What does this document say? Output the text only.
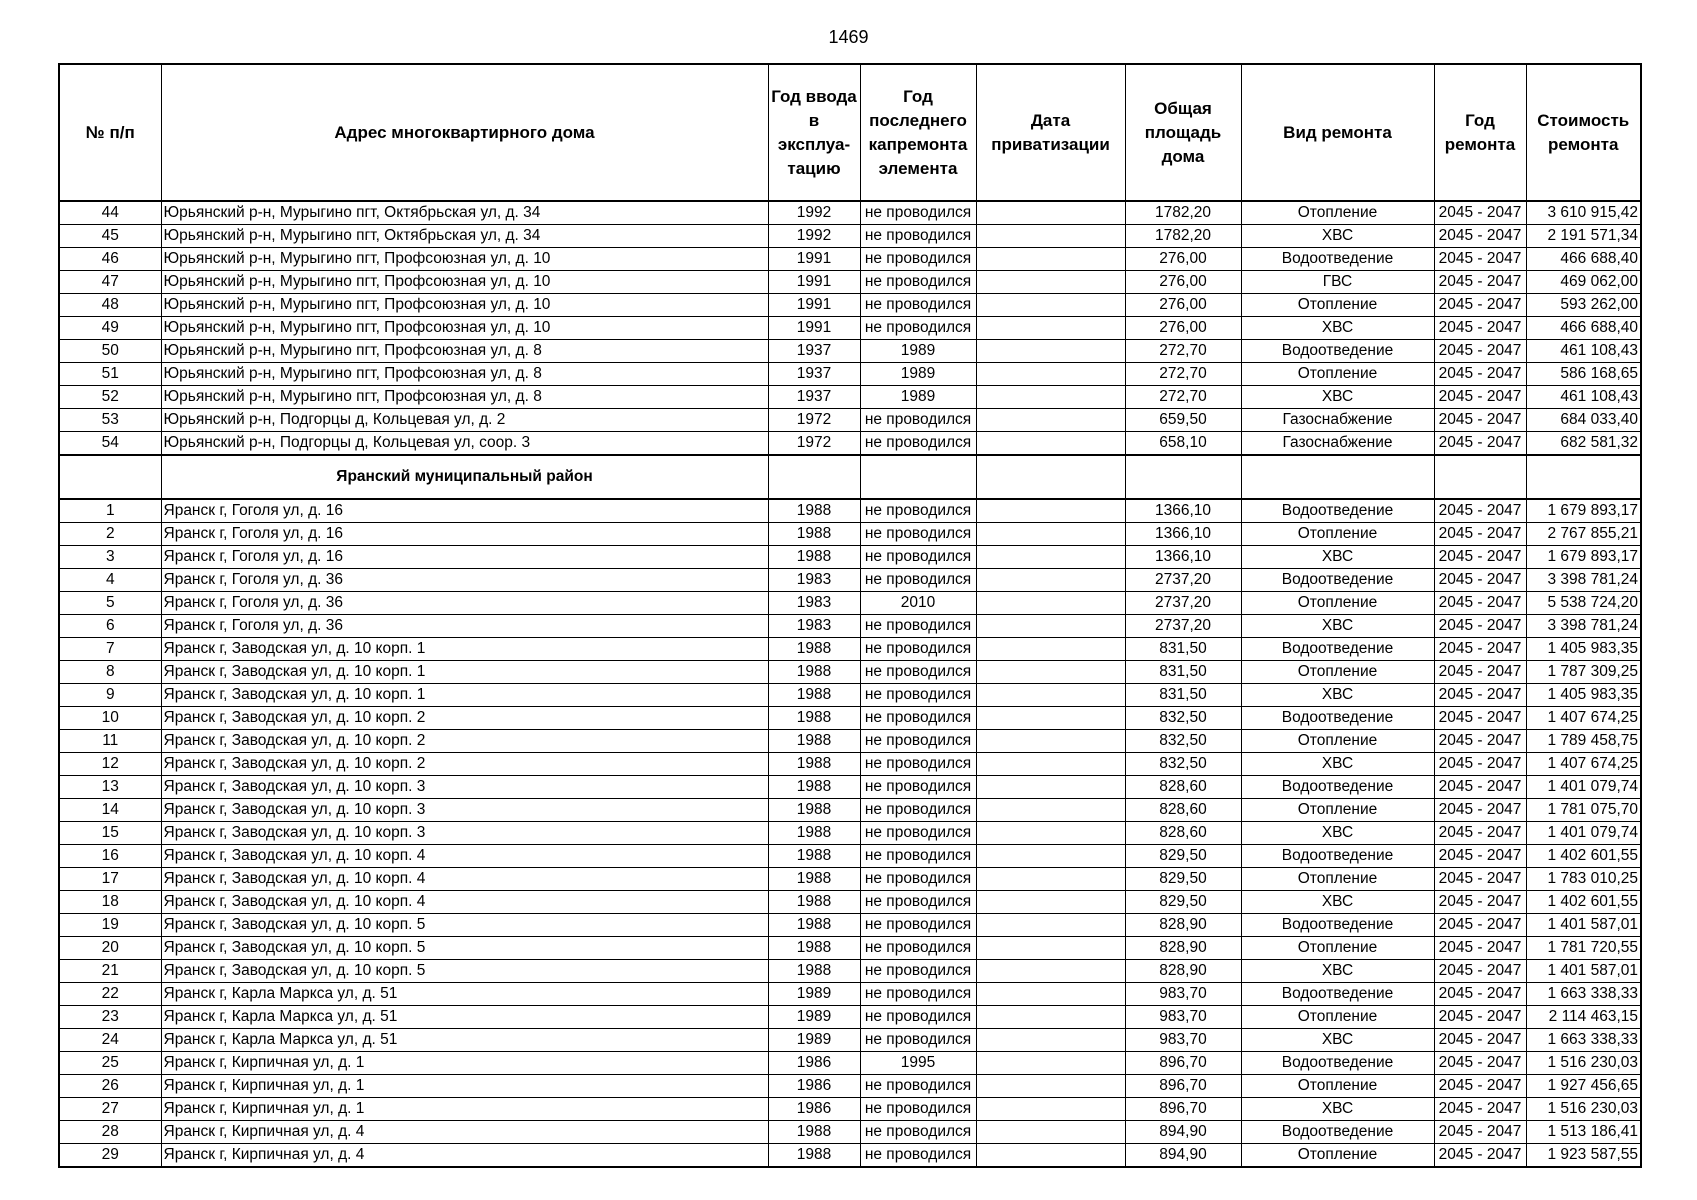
1469
№ п/п	Адрес многоквартирного дома	Год ввода в эксплуа-тацию	Год последнего капремонта элемента	Дата приватизации	Общая площадь дома	Вид ремонта	Год ремонта	Стоимость ремонта
44	Юрьянский р-н, Мурыгино пгт, Октябрьская ул, д. 34	1992	не проводился		1782,20	Отопление	2045 - 2047	3 610 915,42
45	Юрьянский р-н, Мурыгино пгт, Октябрьская ул, д. 34	1992	не проводился		1782,20	ХВС	2045 - 2047	2 191 571,34
46	Юрьянский р-н, Мурыгино пгт, Профсоюзная ул, д. 10	1991	не проводился		276,00	Водоотведение	2045 - 2047	466 688,40
47	Юрьянский р-н, Мурыгино пгт, Профсоюзная ул, д. 10	1991	не проводился		276,00	ГВС	2045 - 2047	469 062,00
48	Юрьянский р-н, Мурыгино пгт, Профсоюзная ул, д. 10	1991	не проводился		276,00	Отопление	2045 - 2047	593 262,00
49	Юрьянский р-н, Мурыгино пгт, Профсоюзная ул, д. 10	1991	не проводился		276,00	ХВС	2045 - 2047	466 688,40
50	Юрьянский р-н, Мурыгино пгт, Профсоюзная ул, д. 8	1937	1989		272,70	Водоотведение	2045 - 2047	461 108,43
51	Юрьянский р-н, Мурыгино пгт, Профсоюзная ул, д. 8	1937	1989		272,70	Отопление	2045 - 2047	586 168,65
52	Юрьянский р-н, Мурыгино пгт, Профсоюзная ул, д. 8	1937	1989		272,70	ХВС	2045 - 2047	461 108,43
53	Юрьянский р-н, Подгорцы д, Кольцевая ул, д. 2	1972	не проводился		659,50	Газоснабжение	2045 - 2047	684 033,40
54	Юрьянский р-н, Подгорцы д, Кольцевая ул, соор. 3	1972	не проводился		658,10	Газоснабжение	2045 - 2047	682 581,32
	Яранский муниципальный район							
1	Яранск г, Гоголя ул, д. 16	1988	не проводился		1366,10	Водоотведение	2045 - 2047	1 679 893,17
2	Яранск г, Гоголя ул, д. 16	1988	не проводился		1366,10	Отопление	2045 - 2047	2 767 855,21
3	Яранск г, Гоголя ул, д. 16	1988	не проводился		1366,10	ХВС	2045 - 2047	1 679 893,17
4	Яранск г, Гоголя ул, д. 36	1983	не проводился		2737,20	Водоотведение	2045 - 2047	3 398 781,24
5	Яранск г, Гоголя ул, д. 36	1983	2010		2737,20	Отопление	2045 - 2047	5 538 724,20
6	Яранск г, Гоголя ул, д. 36	1983	не проводился		2737,20	ХВС	2045 - 2047	3 398 781,24
7	Яранск г, Заводская ул, д. 10 корп. 1	1988	не проводился		831,50	Водоотведение	2045 - 2047	1 405 983,35
8	Яранск г, Заводская ул, д. 10 корп. 1	1988	не проводился		831,50	Отопление	2045 - 2047	1 787 309,25
9	Яранск г, Заводская ул, д. 10 корп. 1	1988	не проводился		831,50	ХВС	2045 - 2047	1 405 983,35
10	Яранск г, Заводская ул, д. 10 корп. 2	1988	не проводился		832,50	Водоотведение	2045 - 2047	1 407 674,25
11	Яранск г, Заводская ул, д. 10 корп. 2	1988	не проводился		832,50	Отопление	2045 - 2047	1 789 458,75
12	Яранск г, Заводская ул, д. 10 корп. 2	1988	не проводился		832,50	ХВС	2045 - 2047	1 407 674,25
13	Яранск г, Заводская ул, д. 10 корп. 3	1988	не проводился		828,60	Водоотведение	2045 - 2047	1 401 079,74
14	Яранск г, Заводская ул, д. 10 корп. 3	1988	не проводился		828,60	Отопление	2045 - 2047	1 781 075,70
15	Яранск г, Заводская ул, д. 10 корп. 3	1988	не проводился		828,60	ХВС	2045 - 2047	1 401 079,74
16	Яранск г, Заводская ул, д. 10 корп. 4	1988	не проводился		829,50	Водоотведение	2045 - 2047	1 402 601,55
17	Яранск г, Заводская ул, д. 10 корп. 4	1988	не проводился		829,50	Отопление	2045 - 2047	1 783 010,25
18	Яранск г, Заводская ул, д. 10 корп. 4	1988	не проводился		829,50	ХВС	2045 - 2047	1 402 601,55
19	Яранск г, Заводская ул, д. 10 корп. 5	1988	не проводился		828,90	Водоотведение	2045 - 2047	1 401 587,01
20	Яранск г, Заводская ул, д. 10 корп. 5	1988	не проводился		828,90	Отопление	2045 - 2047	1 781 720,55
21	Яранск г, Заводская ул, д. 10 корп. 5	1988	не проводился		828,90	ХВС	2045 - 2047	1 401 587,01
22	Яранск г, Карла Маркса ул, д. 51	1989	не проводился		983,70	Водоотведение	2045 - 2047	1 663 338,33
23	Яранск г, Карла Маркса ул, д. 51	1989	не проводился		983,70	Отопление	2045 - 2047	2 114 463,15
24	Яранск г, Карла Маркса ул, д. 51	1989	не проводился		983,70	ХВС	2045 - 2047	1 663 338,33
25	Яранск г, Кирпичная ул, д. 1	1986	1995		896,70	Водоотведение	2045 - 2047	1 516 230,03
26	Яранск г, Кирпичная ул, д. 1	1986	не проводился		896,70	Отопление	2045 - 2047	1 927 456,65
27	Яранск г, Кирпичная ул, д. 1	1986	не проводился		896,70	ХВС	2045 - 2047	1 516 230,03
28	Яранск г, Кирпичная ул, д. 4	1988	не проводился		894,90	Водоотведение	2045 - 2047	1 513 186,41
29	Яранск г, Кирпичная ул, д. 4	1988	не проводился		894,90	Отопление	2045 - 2047	1 923 587,55
